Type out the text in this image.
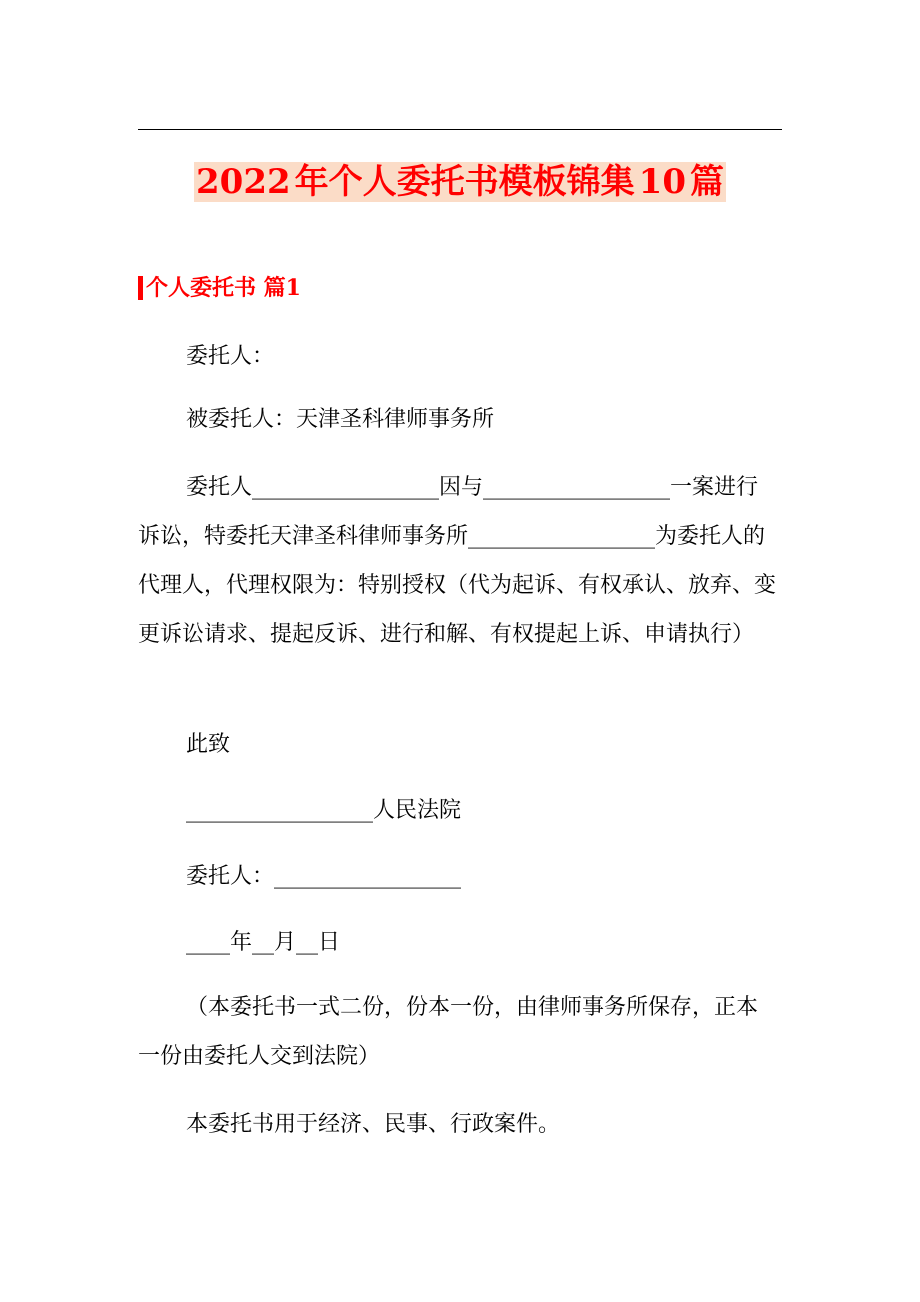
2022 年个人委托书模板锦集 10 篇
个人委托书 篇1
委托人：
被委托人：天津圣科律师事务所
委托人_________________因与_________________一案进行诉讼，特委托天津圣科律师事务所_________________为委托人的代理人，代理权限为：特别授权（代为起诉、有权承认、放弃、变更诉讼请求、提起反诉、进行和解、有权提起上诉、申请执行）
此致
_________________人民法院
委托人：_________________
____年__月__日
（本委托书一式二份，份本一份，由律师事务所保存，正本一份由委托人交到法院）
本委托书用于经济、民事、行政案件。
